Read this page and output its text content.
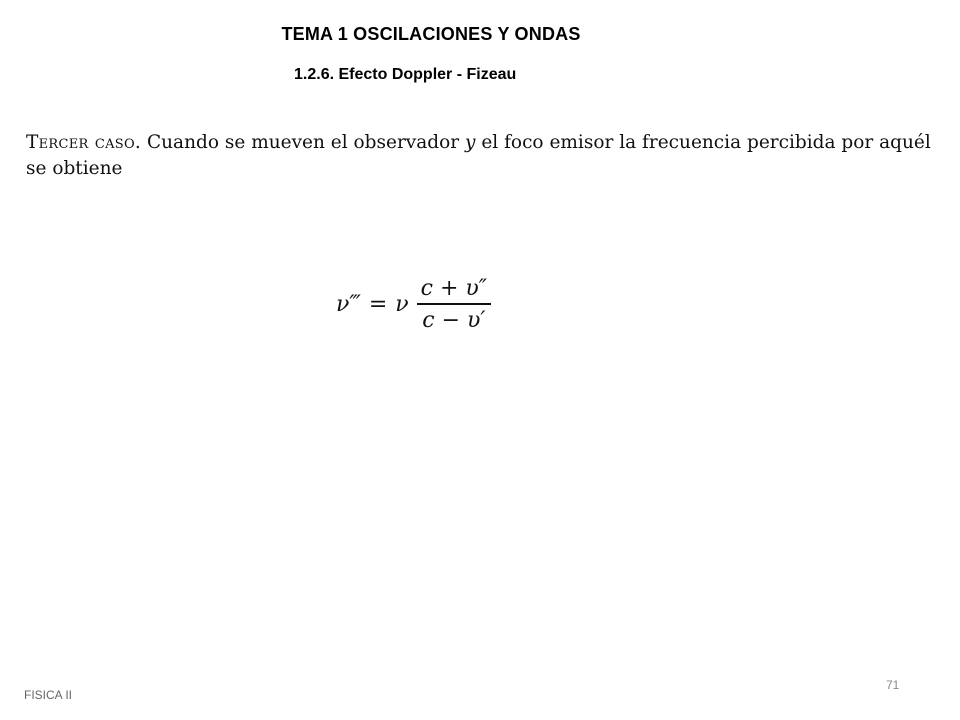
TEMA 1 OSCILACIONES Y ONDAS
1.2.6. Efecto Doppler - Fizeau

Tercer caso. Cuando se mueven el observador y el foco emisor la frecuencia percibida por aquél se obtiene

ν‴ = ν $\frac{c + \upsilon''}{c - \upsilon'}$
FISICA II
71
